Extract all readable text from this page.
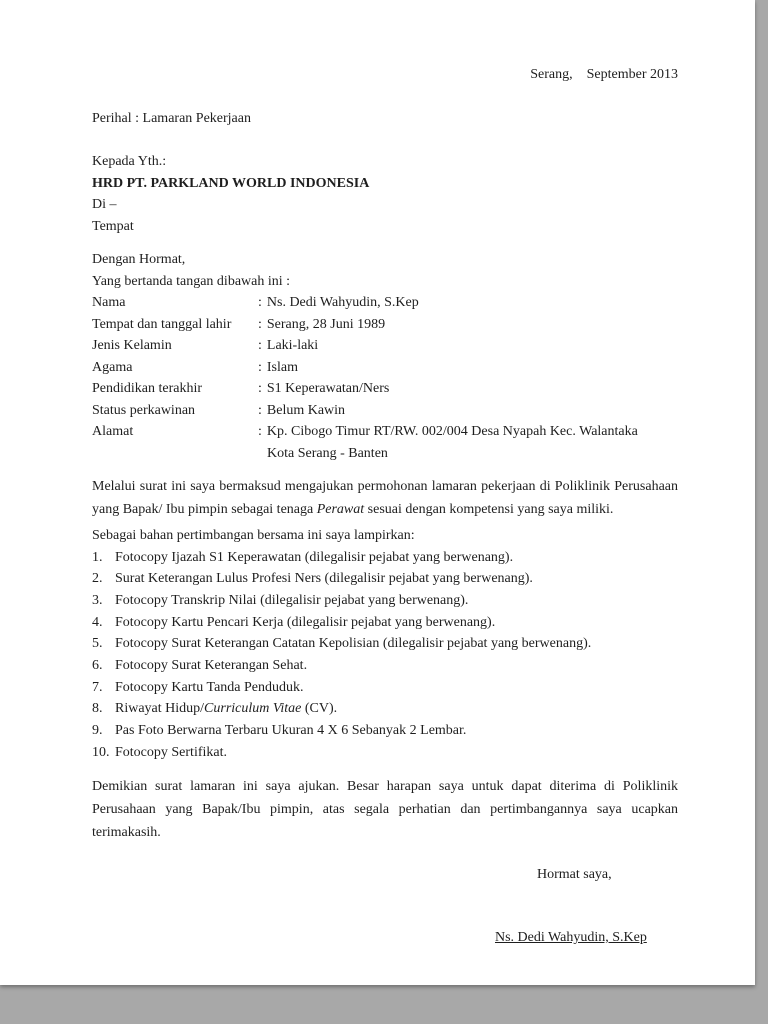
Serang,    September 2013
Perihal : Lamaran Pekerjaan
Kepada Yth.:
HRD PT. PARKLAND WORLD INDONESIA
Di –
Tempat
Dengan Hormat,
Yang bertanda tangan dibawah ini :
Nama	: Ns. Dedi Wahyudin, S.Kep
Tempat dan tanggal lahir	: Serang, 28 Juni 1989
Jenis Kelamin	: Laki-laki
Agama	: Islam
Pendidikan terakhir	: S1 Keperawatan/Ners
Status perkawinan	: Belum Kawin
Alamat	: Kp. Cibogo Timur RT/RW. 002/004 Desa Nyapah Kec. Walantaka
Kota Serang - Banten

Melalui surat ini saya bermaksud mengajukan permohonan lamaran pekerjaan di Poliklinik Perusahaan yang Bapak/ Ibu pimpin sebagai tenaga Perawat sesuai dengan kompetensi yang saya miliki.

Sebagai bahan pertimbangan bersama ini saya lampirkan:
1. Fotocopy Ijazah S1 Keperawatan (dilegalisir pejabat yang berwenang).
2. Surat Keterangan Lulus Profesi Ners (dilegalisir pejabat yang berwenang).
3. Fotocopy Transkrip Nilai (dilegalisir pejabat yang berwenang).
4. Fotocopy Kartu Pencari Kerja (dilegalisir pejabat yang berwenang).
5. Fotocopy Surat Keterangan Catatan Kepolisian (dilegalisir pejabat yang berwenang).
6. Fotocopy Surat Keterangan Sehat.
7. Fotocopy Kartu Tanda Penduduk.
8. Riwayat Hidup/Curriculum Vitae (CV).
9. Pas Foto Berwarna Terbaru Ukuran 4 X 6 Sebanyak 2 Lembar.
10. Fotocopy Sertifikat.

Demikian surat lamaran ini saya ajukan. Besar harapan saya untuk dapat diterima di Poliklinik Perusahaan yang Bapak/Ibu pimpin, atas segala perhatian dan pertimbangannya saya ucapkan terimakasih.

Hormat saya,
Ns. Dedi Wahyudin, S.Kep
